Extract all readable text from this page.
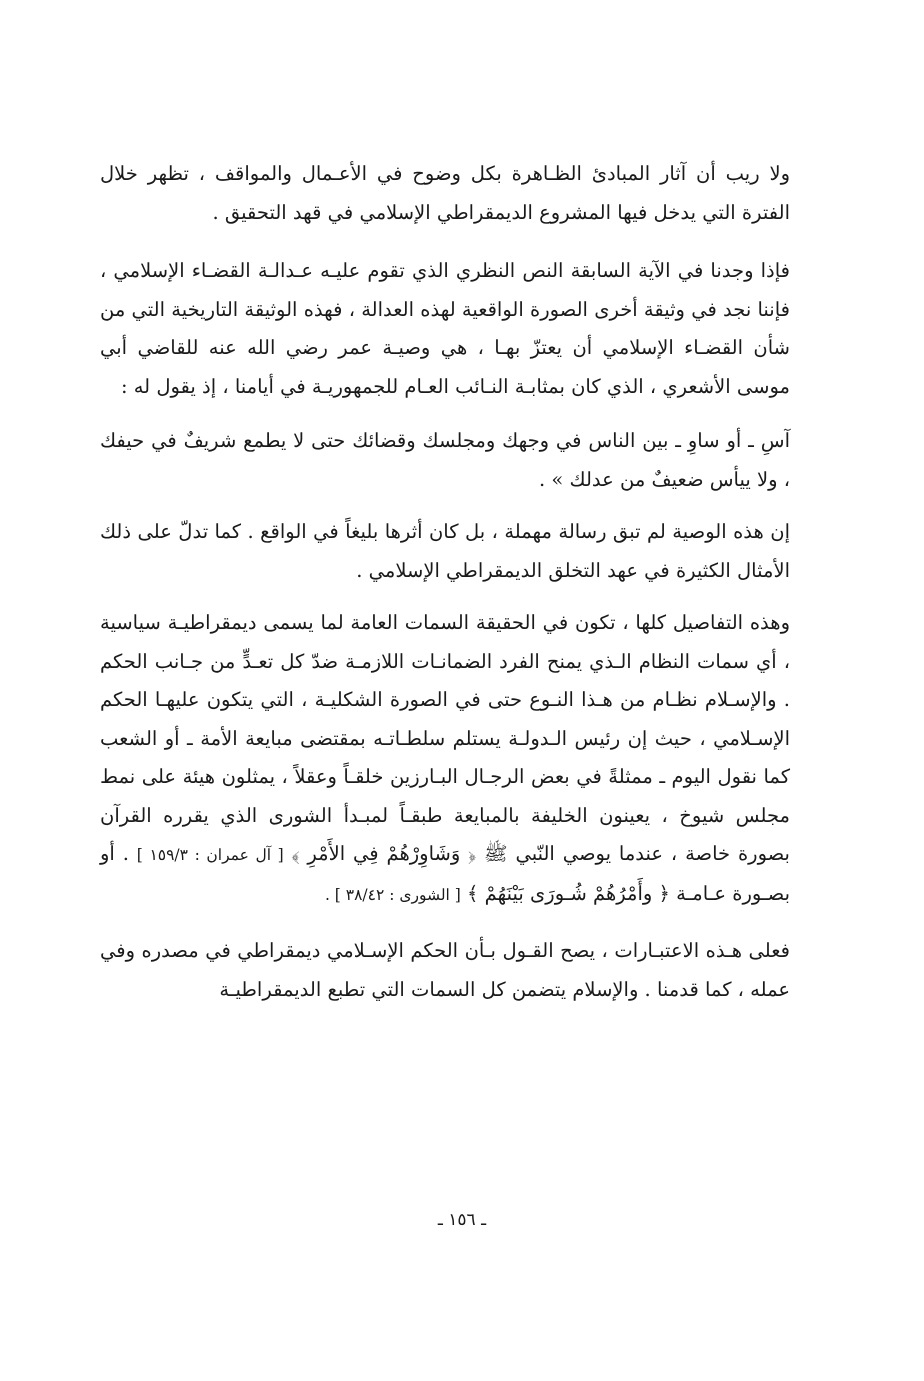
ولا ريب أن آثار المبادئ الظـاهرة بكل وضوح في الأعـمال والمواقف ، تظهر خلال الفترة التي يدخل فيها المشروع الديمقراطي الإسلامي في قهد التحقيق .

فإذا وجدنا في الآية السابقة النص النظري الذي تقوم عليـه عـدالـة القضـاء الإسلامي ، فإننا نجد في وثيقة أخرى الصورة الواقعية لهذه العدالة ، فهذه الوثيقة التاريخية التي من شأن القضـاء الإسلامي أن يعتزّ بهـا ، هي وصيـة عمر رضي الله عنه للقاضي أبي موسى الأشعري ، الذي كان بمثابـة النـائب العـام للجمهوريـة في أيامنا ، إذ يقول له :

آسِ ـ أو ساوِ ـ بين الناس في وجهك ومجلسك وقضائك حتى لا يطمع شريفٌ في حيفك ، ولا ييأس ضعيفٌ من عدلك » .

إن هذه الوصية لم تبق رسالة مهملة ، بل كان أثرها بليغاً في الواقع . كما تدلّ على ذلك الأمثال الكثيرة في عهد التخلق الديمقراطي الإسلامي .

وهذه التفاصيل كلها ، تكون في الحقيقة السمات العامة لما يسمى ديمقراطيـة سياسية ، أي سمات النظام الـذي يمنح الفرد الضمانـات اللازمـة ضدّ كل تعـدٍّ من جـانب الحكم . والإسـلام نظـام من هـذا النـوع حتى في الصورة الشكليـة ، التي يتكون عليهـا الحكم الإسـلامي ، حيث إن رئيس الـدولـة يستلم سلطـاتـه بمقتضى مبايعة الأمة ـ أو الشعب كما نقول اليوم ـ ممثلةً في بعض الرجـال البـارزين خلقـاً وعقلاً ، يمثلون هيئة على نمط مجلس شيوخ ، يعينون الخليفة بالمبايعة طبقـاً لمبـدأ الشورى الذي يقرره القرآن بصورة خاصة ، عندما يوصي النّبي ﷺ ﴿ وَشَاوِرْهُمْ فِي الأَمْرِ ﴾ [ آل عمران : ١٥٩/٣ ] . أو بصـورة عـامـة ﴿ وأَمْرُهُمْ شُـورَى بَيْنَهُمْ ﴾ [ الشورى : ٣٨/٤٢ ] .

فعلى هـذه الاعتبـارات ، يصح القـول بـأن الحكم الإسـلامي ديمقراطي في مصدره وفي عمله ، كما قدمنا . والإسلام يتضمن كل السمات التي تطبع الديمقراطيـة

ـ ١٥٦ ـ
